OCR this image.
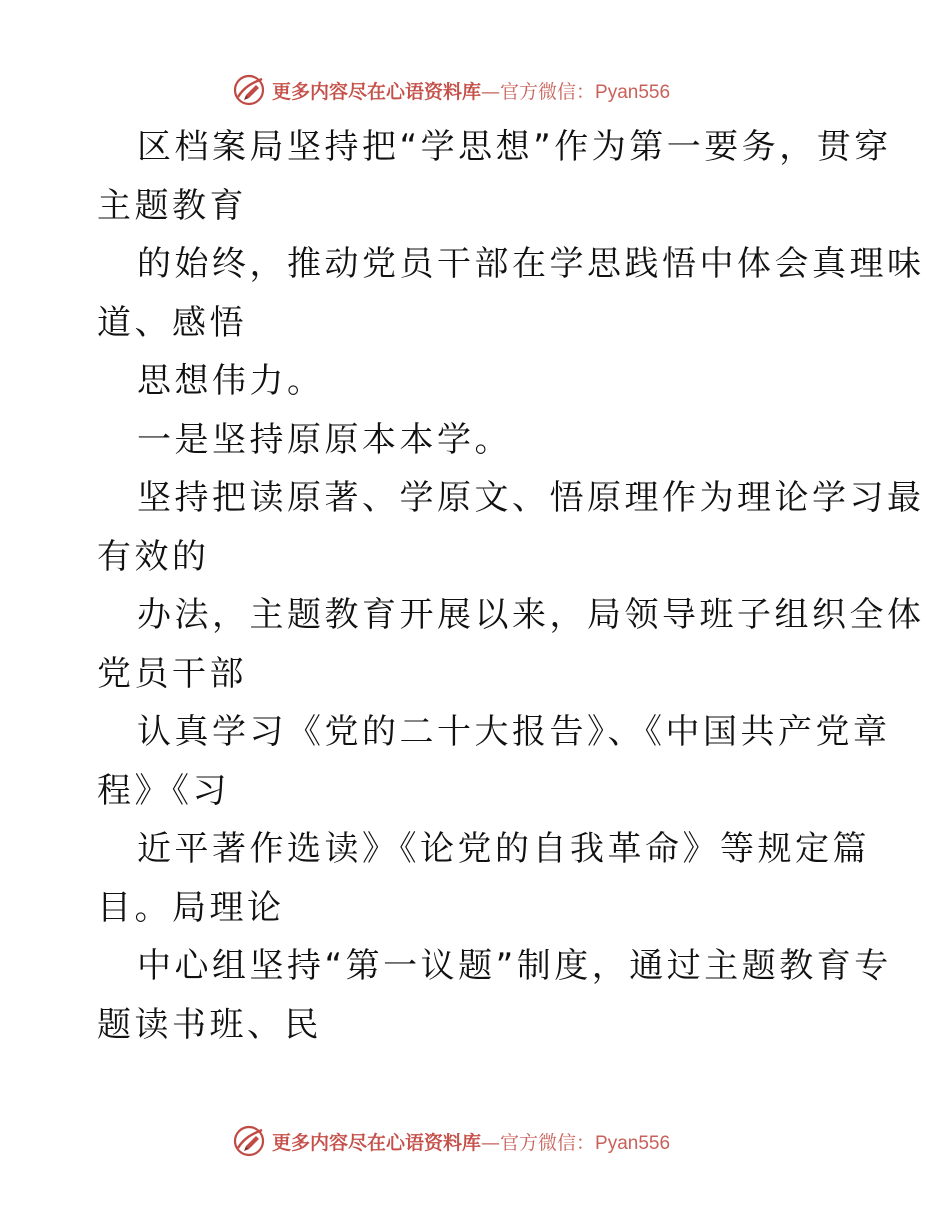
更多内容尽在心语资料库—官方微信：Pyan556
区档案局坚持把“学思想”作为第一要务，贯穿
主题教育
的始终，推动党员干部在学思践悟中体会真理味
道、感悟
思想伟力。
一是坚持原原本本学。
坚持把读原著、学原文、悟原理作为理论学习最
有效的
办法，主题教育开展以来，局领导班子组织全体
党员干部
认真学习《党的二十大报告》、《中国共产党章
程》《习
近平著作选读》《论党的自我革命》等规定篇
目。局理论
中心组坚持“第一议题”制度，通过主题教育专
题读书班、民
更多内容尽在心语资料库—官方微信：Pyan556
